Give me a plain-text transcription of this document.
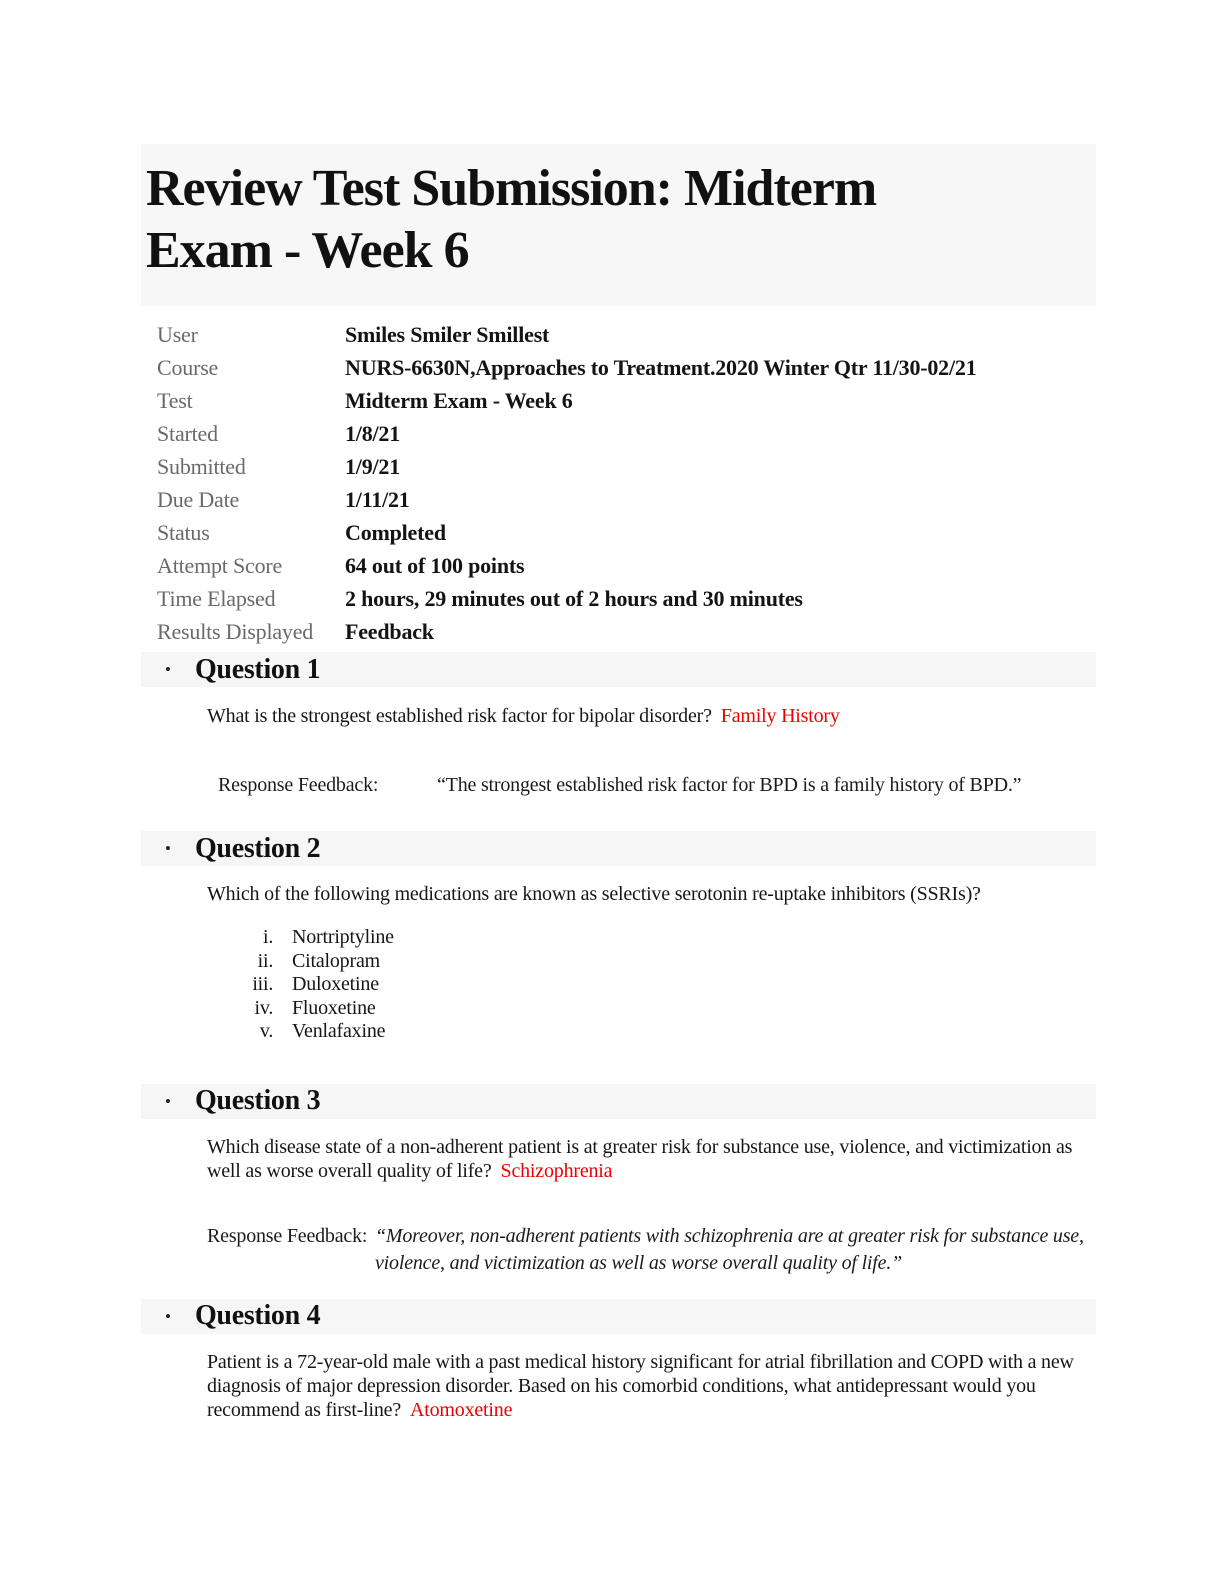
Review Test Submission: Midterm
Exam - Week 6
User	Smiles Smiler Smillest
Course	NURS-6630N,Approaches to Treatment.2020 Winter Qtr 11/30-02/21
Test	Midterm Exam - Week 6
Started	1/8/21
Submitted	1/9/21
Due Date	1/11/21
Status	Completed
Attempt Score	64 out of 100 points
Time Elapsed	2 hours, 29 minutes out of 2 hours and 30 minutes
Results Displayed	Feedback
• Question 1

What is the strongest established risk factor for bipolar disorder? Family History

Response Feedback:	“The strongest established risk factor for BPD is a family history of BPD.”
• Question 2

Which of the following medications are known as selective serotonin re-uptake inhibitors (SSRIs)?

i. Nortriptyline
ii. Citalopram
iii. Duloxetine
iv. Fluoxetine
v. Venlafaxine
• Question 3

Which disease state of a non-adherent patient is at greater risk for substance use, violence, and victimization as well as worse overall quality of life? Schizophrenia

Response Feedback: “Moreover, non-adherent patients with schizophrenia are at greater risk for substance use, violence, and victimization as well as worse overall quality of life.”
• Question 4

Patient is a 72-year-old male with a past medical history significant for atrial fibrillation and COPD with a new diagnosis of major depression disorder. Based on his comorbid conditions, what antidepressant would you recommend as first-line? Atomoxetine
